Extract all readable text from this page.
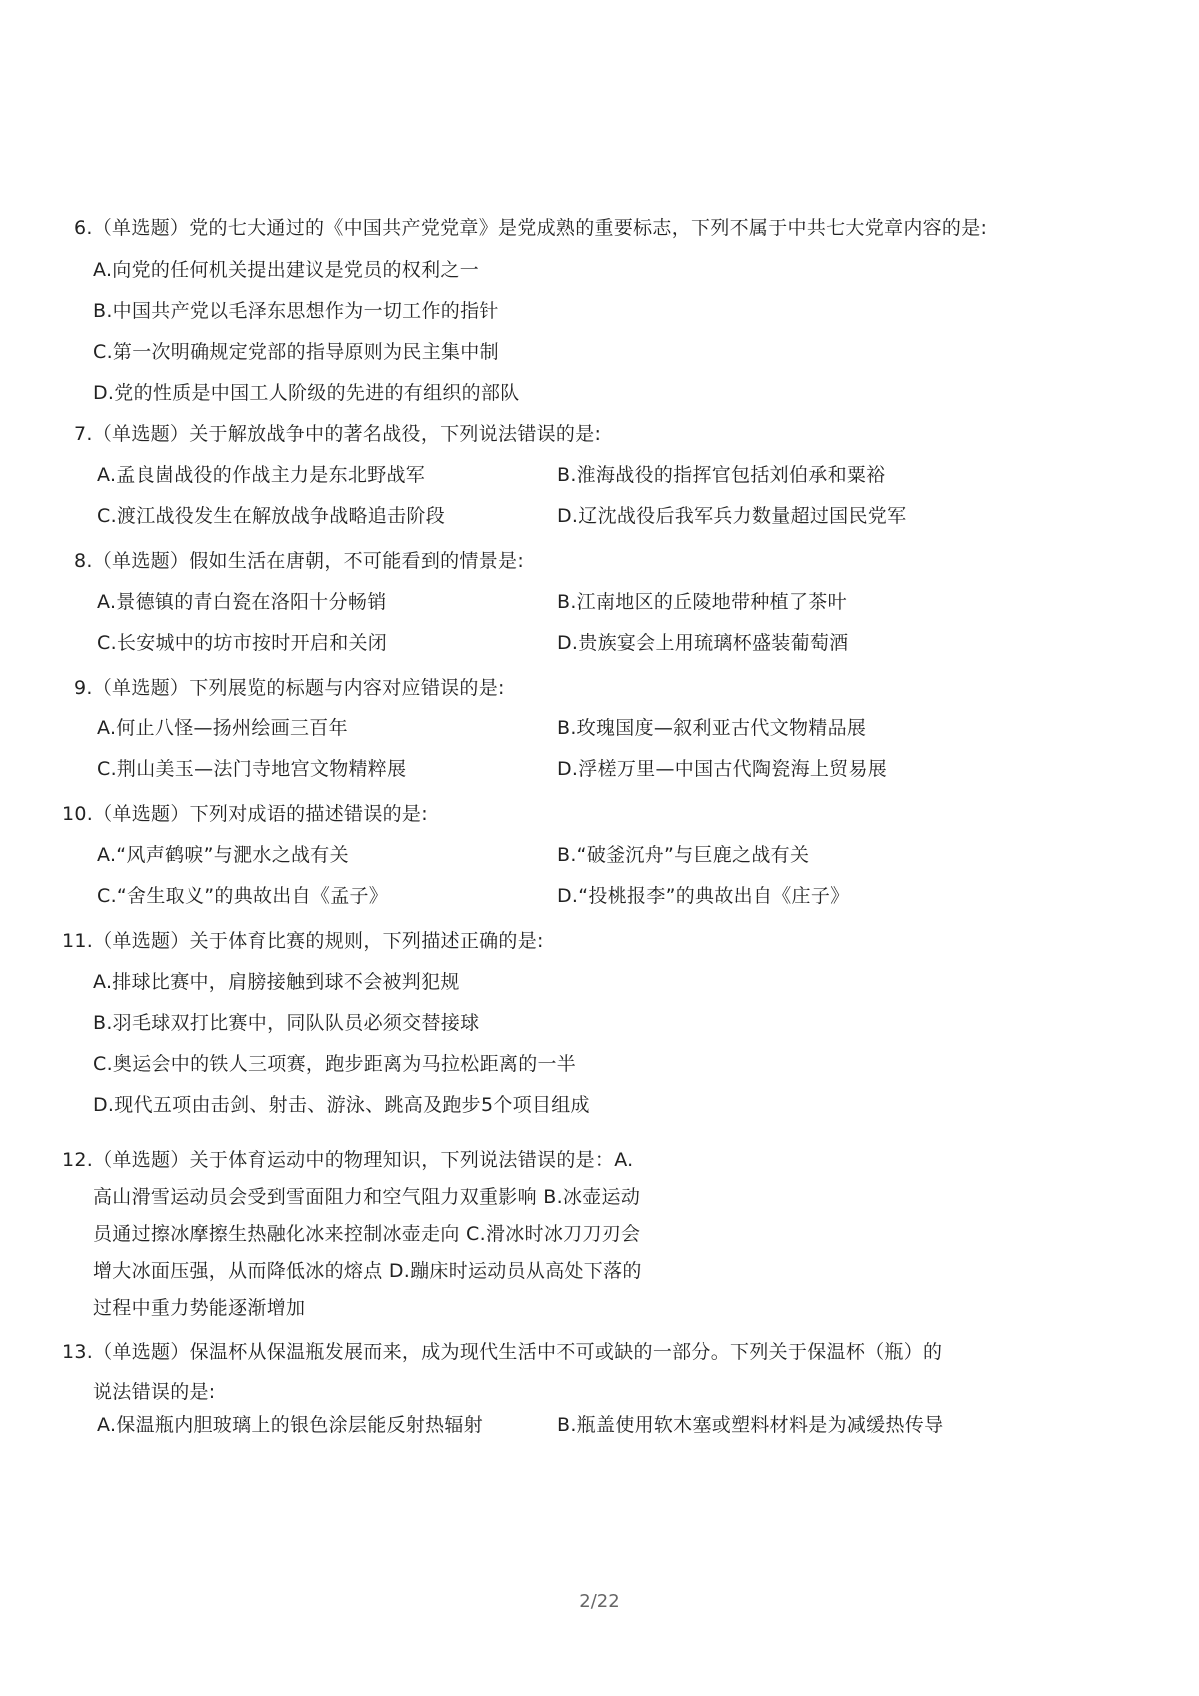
6.（单选题）党的七大通过的《中国共产党党章》是党成熟的重要标志，下列不属于中共七大党章内容的是:
A.向党的任何机关提出建议是党员的权利之一
B.中国共产党以毛泽东思想作为一切工作的指针
C.第一次明确规定党部的指导原则为民主集中制
D.党的性质是中国工人阶级的先进的有组织的部队
7.（单选题）关于解放战争中的著名战役，下列说法错误的是:
A.孟良崮战役的作战主力是东北野战军	B.淮海战役的指挥官包括刘伯承和粟裕
C.渡江战役发生在解放战争战略追击阶段	D.辽沈战役后我军兵力数量超过国民党军
8.（单选题）假如生活在唐朝，不可能看到的情景是:
A.景德镇的青白瓷在洛阳十分畅销	B.江南地区的丘陵地带种植了茶叶
C.长安城中的坊市按时开启和关闭	D.贵族宴会上用琉璃杯盛装葡萄酒
9.（单选题）下列展览的标题与内容对应错误的是:
A.何止八怪—扬州绘画三百年	B.玫瑰国度—叙利亚古代文物精品展
C.荆山美玉—法门寺地宫文物精粹展	D.浮槎万里—中国古代陶瓷海上贸易展
10.（单选题）下列对成语的描述错误的是:
A.“风声鹤唳”与淝水之战有关	B.“破釜沉舟”与巨鹿之战有关
C.“舍生取义”的典故出自《孟子》	D.“投桃报李”的典故出自《庄子》
11.（单选题）关于体育比赛的规则，下列描述正确的是:
A.排球比赛中，肩膀接触到球不会被判犯规
B.羽毛球双打比赛中，同队队员必须交替接球
C.奥运会中的铁人三项赛，跑步距离为马拉松距离的一半
D.现代五项由击剑、射击、游泳、跳高及跑步5个项目组成
12.（单选题）关于体育运动中的物理知识，下列说法错误的是：A.
高山滑雪运动员会受到雪面阻力和空气阻力双重影响 B.冰壶运动
员通过擦冰摩擦生热融化冰来控制冰壶走向 C.滑冰时冰刀刀刃会
增大冰面压强，从而降低冰的熔点 D.蹦床时运动员从高处下落的
过程中重力势能逐渐增加
13.（单选题）保温杯从保温瓶发展而来，成为现代生活中不可或缺的一部分。下列关于保温杯（瓶）的
说法错误的是:
A.保温瓶内胆玻璃上的银色涂层能反射热辐射	B.瓶盖使用软木塞或塑料材料是为减缓热传导
2/22
